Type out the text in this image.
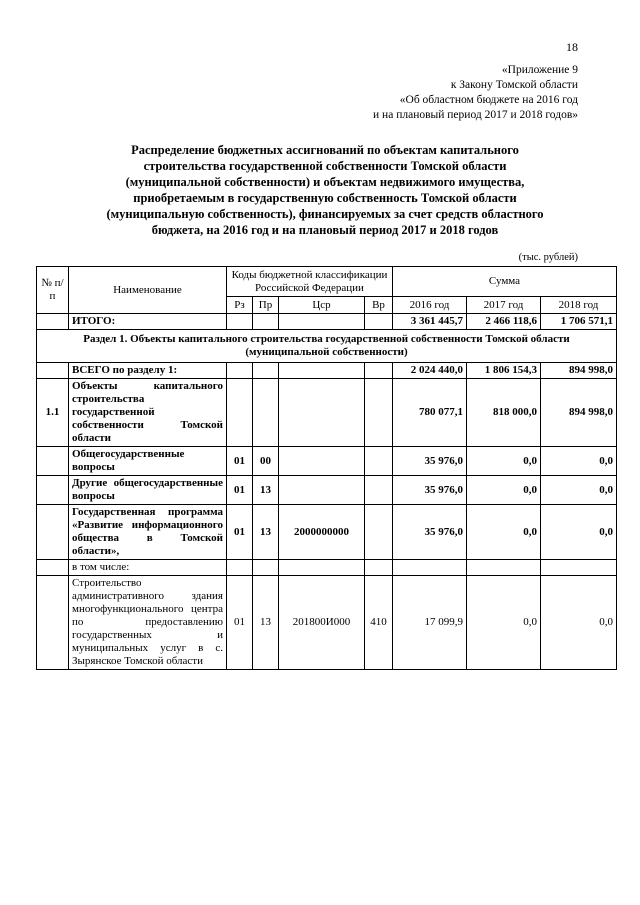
18
«Приложение 9
к Закону Томской области
«Об областном бюджете на 2016 год
и на плановый период 2017 и 2018 годов»
Распределение бюджетных ассигнований по объектам капитального
строительства государственной собственности Томской области
(муниципальной собственности) и объектам недвижимого имущества,
приобретаемым в государственную собственность Томской области
(муниципальную собственность), финансируемых за счет средств областного
бюджета, на 2016 год и на плановый период 2017 и 2018 годов
(тыс. рублей)
№ п/п	Наименование	Коды бюджетной классификации Российской Федерации				Сумма		
		Рз	Пр	Цср	Вр	2016 год	2017 год	2018 год
	ИТОГО:					3 361 445,7	2 466 118,6	1 706 571,1
Раздел 1. Объекты капитального строительства государственной собственности Томской области (муниципальной собственности)								
	ВСЕГО по разделу 1:					2 024 440,0	1 806 154,3	894 998,0
1.1	Объекты капитального строительства государственной собственности Томской области					780 077,1	818 000,0	894 998,0
	Общегосударственные вопросы	01	00			35 976,0	0,0	0,0
	Другие общегосударственные вопросы	01	13			35 976,0	0,0	0,0
	Государственная программа «Развитие информационного общества в Томской области»,	01	13	2000000000		35 976,0	0,0	0,0
	в том числе:							
	Строительство административного здания многофункционального центра по предоставлению государственных и муниципальных услуг в с. Зырянское Томской области	01	13	201800И000	410	17 099,9	0,0	0,0
